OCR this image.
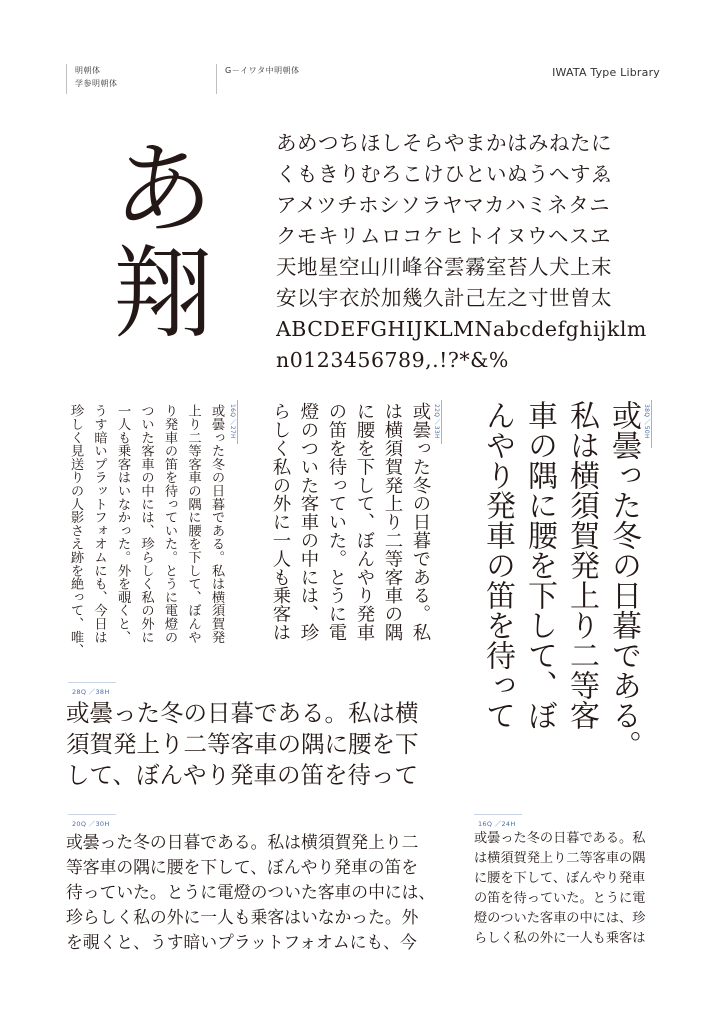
明朝体
学参明朝体
G－イワタ中明朝体	IWATA Type Library
あ
翔
あめつちほしそらやまかはみねたに
くもきりむろこけひといぬうへすゑ
アメツチホシソラヤマカハミネタニ
クモキリムロコケヒトイヌウヘスヱ
天地星空山川峰谷雲霧室苔人犬上末
安以宇衣於加幾久計己左之寸世曽太
ABCDEFGHIJKLMNabcdefghijklm
n0123456789,.!?*&%
38Q ／50H
或曇った冬の日暮である。
私は横須賀発上り二等客
車の隅に腰を下して、ぼ
んやり発車の笛を待って
22Q ／33H
或曇った冬の日暮である。私
は横須賀発上り二等客車の隅
に腰を下して、ぼんやり発車
の笛を待っていた。とうに電
燈のついた客車の中には、珍
らしく私の外に一人も乗客は
16Q ／27H
或曇った冬の日暮である。私は横須賀発
上り二等客車の隅に腰を下して、ぼんや
り発車の笛を待っていた。とうに電燈の
ついた客車の中には、珍らしく私の外に
一人も乗客はいなかった。外を覗くと、
うす暗いプラットフォオムにも、今日は
珍しく見送りの人影さえ跡を絶って、唯、
28Q ／38H
或曇った冬の日暮である。私は横
須賀発上り二等客車の隅に腰を下
して、ぼんやり発車の笛を待って
20Q ／30H
或曇った冬の日暮である。私は横須賀発上り二
等客車の隅に腰を下して、ぼんやり発車の笛を
待っていた。とうに電燈のついた客車の中には、
珍らしく私の外に一人も乗客はいなかった。外
を覗くと、うす暗いプラットフォオムにも、今
16Q ／24H
或曇った冬の日暮である。私
は横須賀発上り二等客車の隅
に腰を下して、ぼんやり発車
の笛を待っていた。とうに電
燈のついた客車の中には、珍
らしく私の外に一人も乗客は
